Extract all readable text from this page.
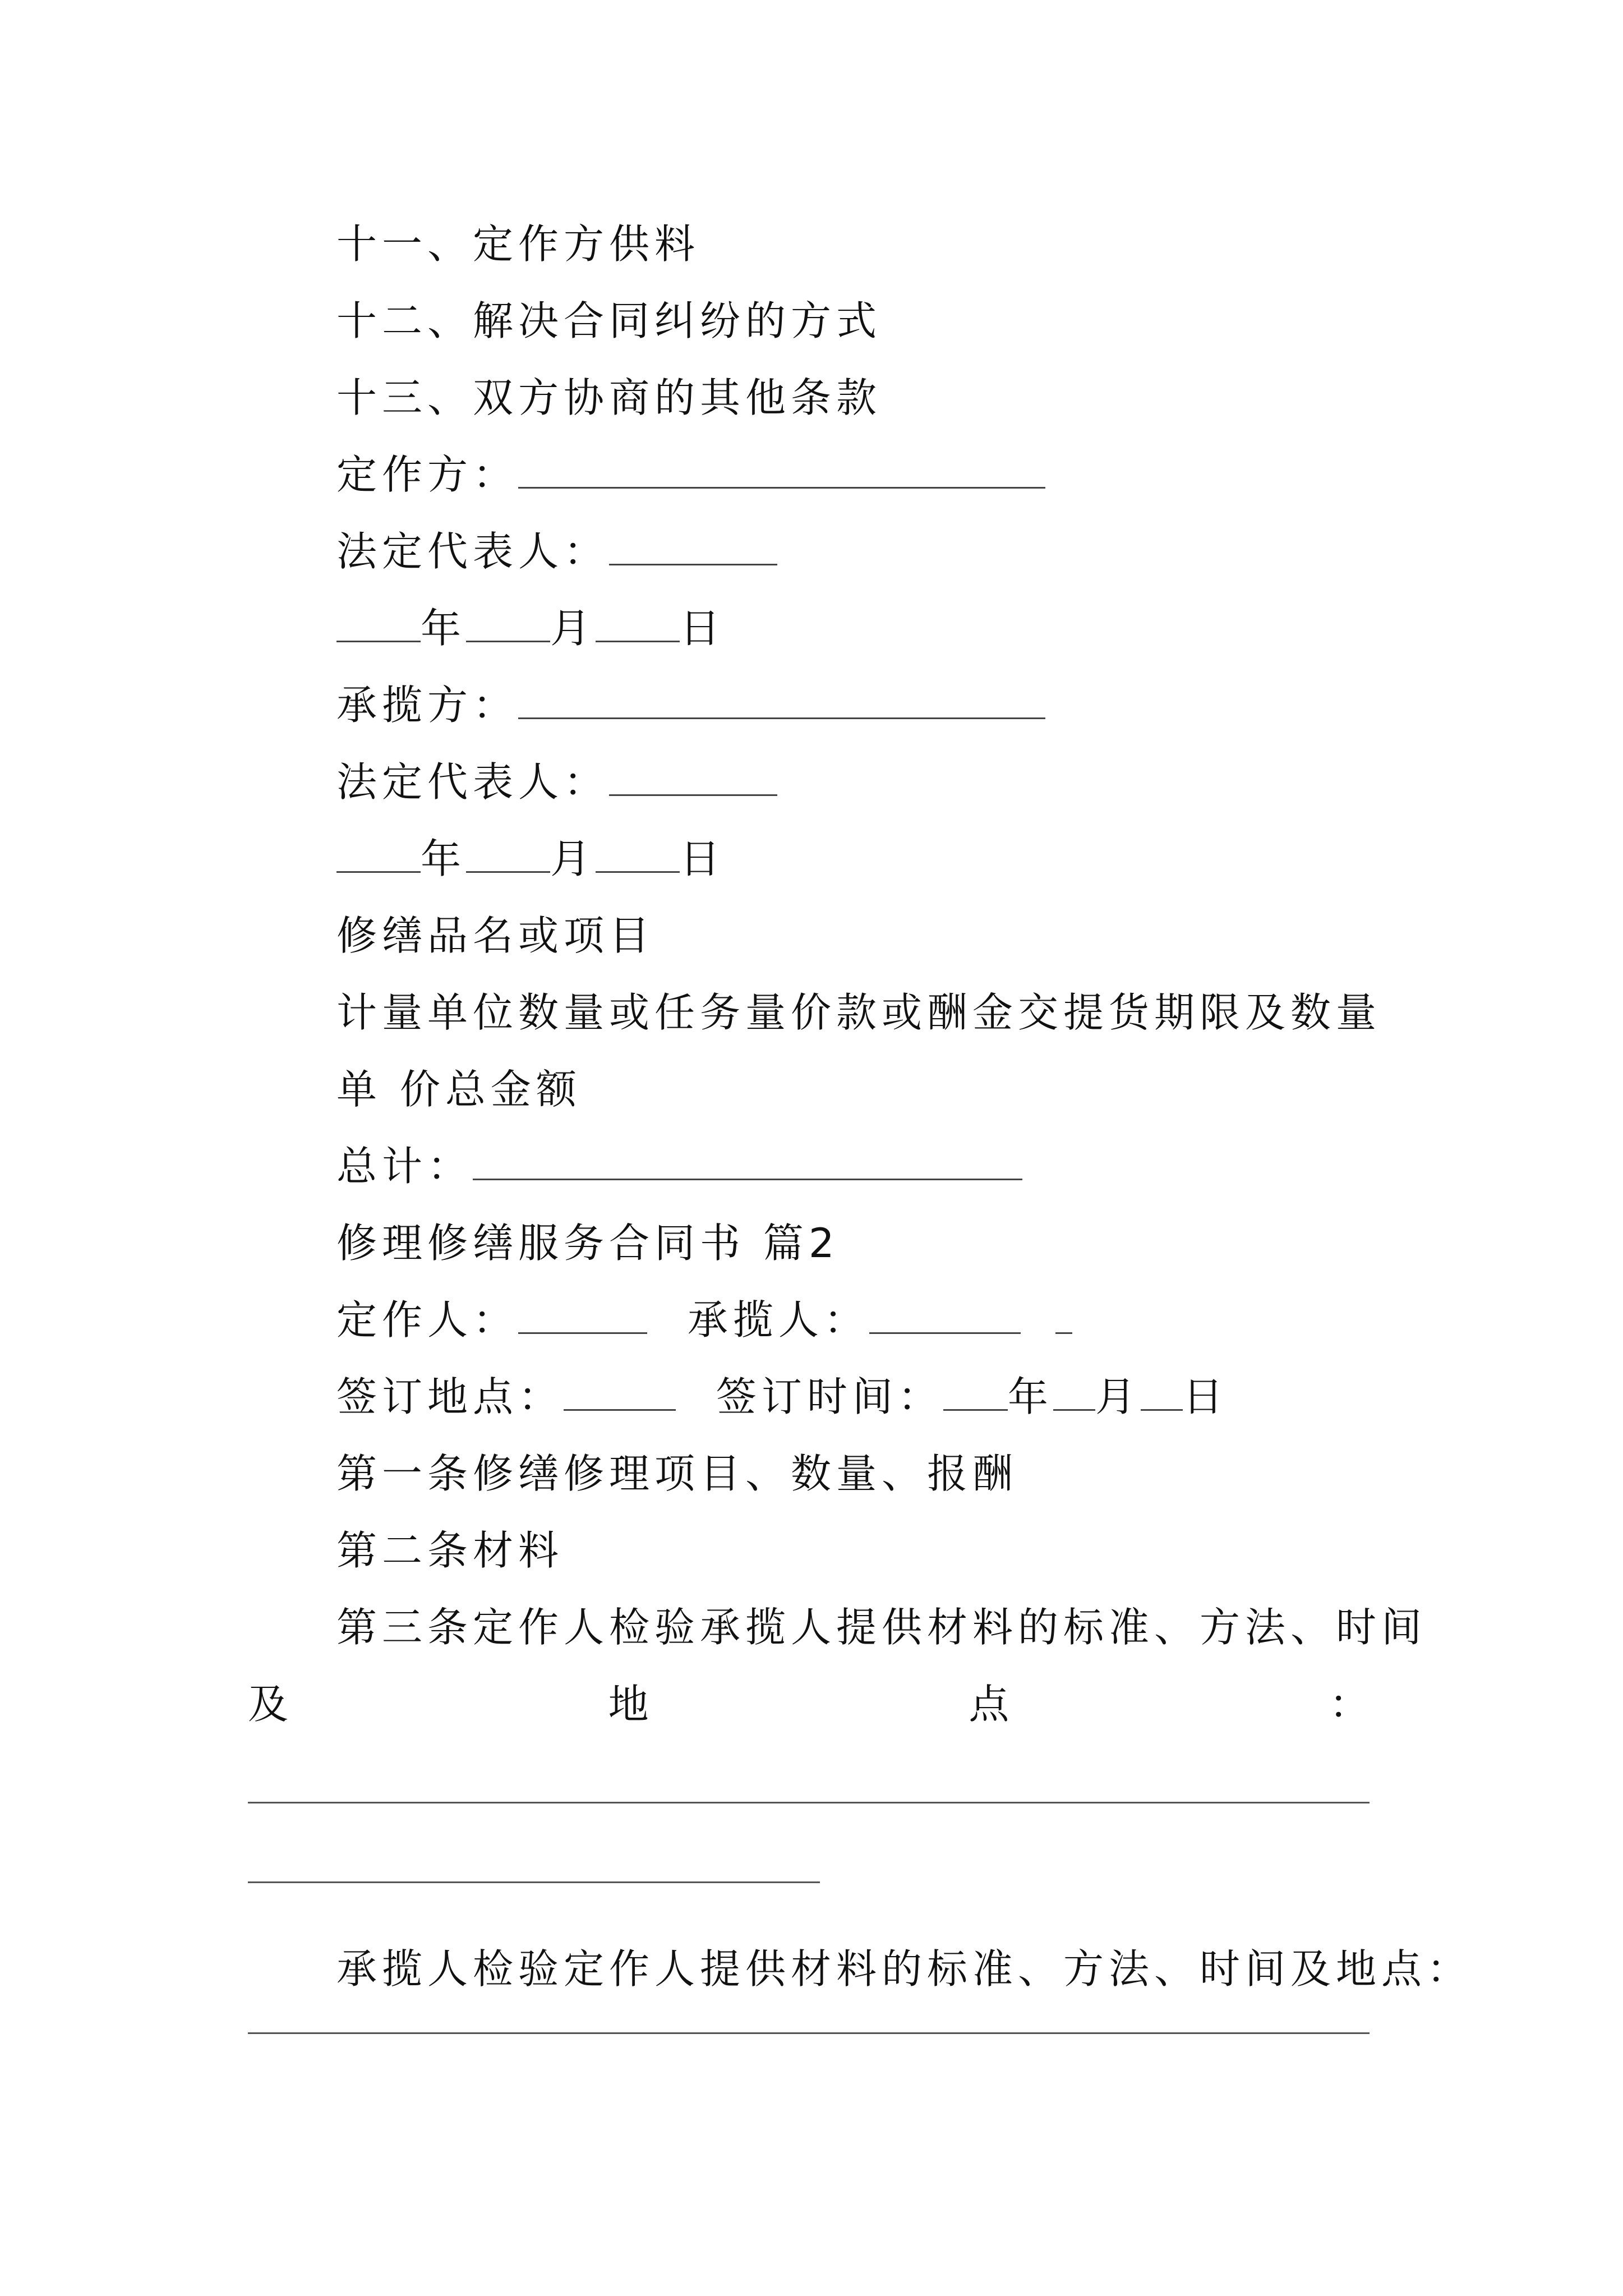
十一、定作方供料
十二、解决合同纠纷的方式
十三、双方协商的其他条款
定作方：
法定代表人：
年 月 日
承揽方：
法定代表人：
年 月 日
修缮品名或项目
计量单位数量或任务量价款或酬金交提货期限及数量
单 价总金额
总计：
修理修缮服务合同书 篇2
定作人：	承揽人：
签订地点：	签订时间： 年 月 日
第一条修缮修理项目、数量、报酬
第二条材料
第三条定作人检验承揽人提供材料的标准、方法、时间
及	地	点	：
承揽人检验定作人提供材料的标准、方法、时间及地点：
